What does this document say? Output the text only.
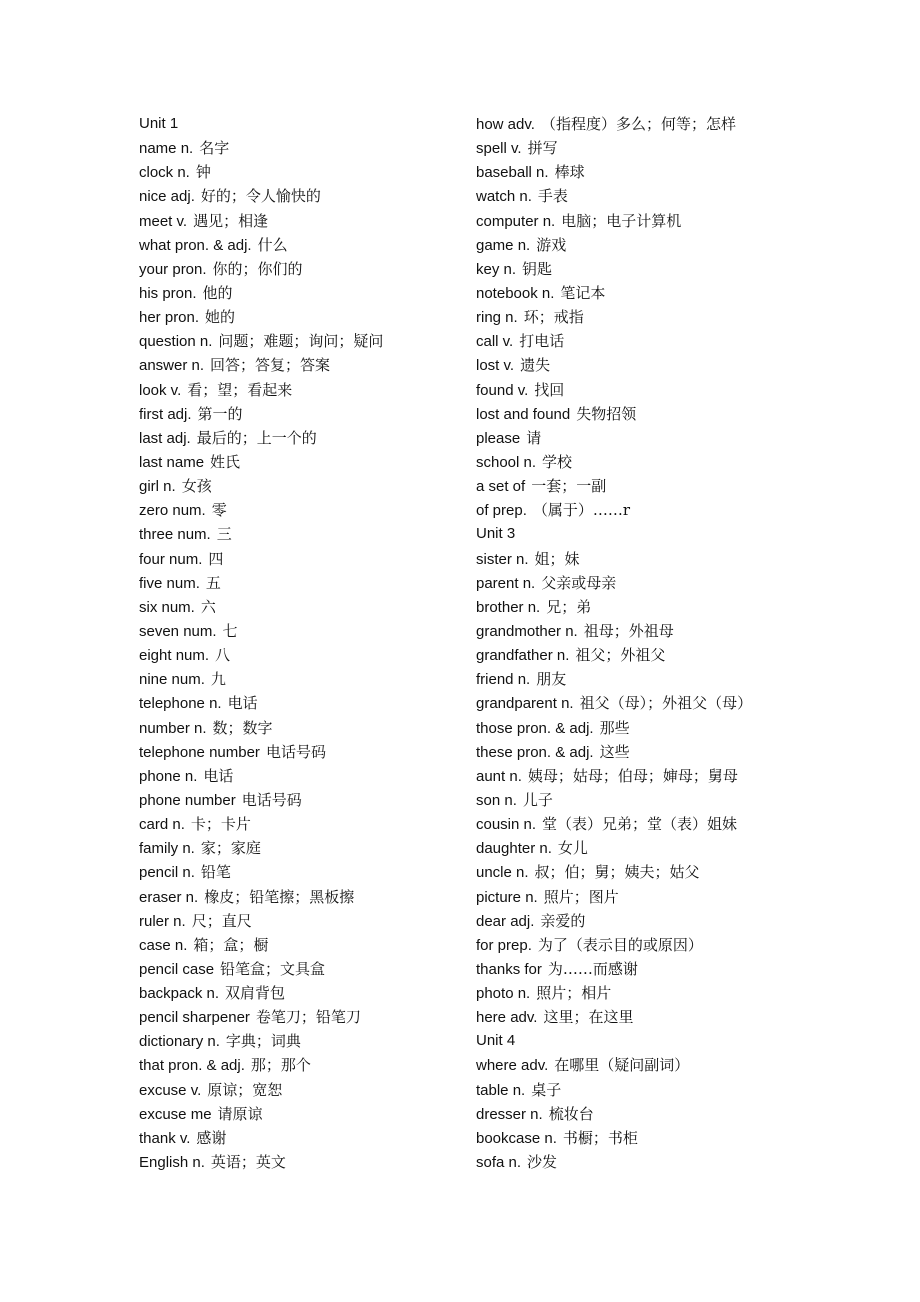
Unit 1
name n. 名字
clock n. 钟
nice adj. 好的；令人愉快的
meet v. 遇见；相逢
what pron. & adj. 什么
your pron. 你的；你们的
his pron. 他的
her pron. 她的
question n. 问题；难题；询问；疑问
answer n. 回答；答复；答案
look v. 看；望；看起来
first adj. 第一的
last adj. 最后的；上一个的
last name 姓氏
girl n. 女孩
zero num. 零
three num. 三
four num. 四
five num. 五
six num. 六
seven num. 七
eight num. 八
nine num. 九
telephone n. 电话
number n. 数；数字
telephone number 电话号码
phone n. 电话
phone number 电话号码
card n. 卡；卡片
family n. 家；家庭
pencil n. 铅笔
eraser n. 橡皮；铅笔擦；黑板擦
ruler n. 尺；直尺
case n. 箱；盒；橱
pencil case 铅笔盒；文具盒
backpack n. 双肩背包
pencil sharpener 卷笔刀；铅笔刀
dictionary n. 字典；词典
that pron. & adj. 那；那个
excuse v. 原谅；宽恕
excuse me 请原谅
thank v. 感谢
English n. 英语；英文
how adv. （指程度）多么；何等；怎样
spell v. 拼写
baseball n. 棒球
watch n. 手表
computer n. 电脑；电子计算机
game n. 游戏
key n. 钥匙
notebook n. 笔记本
ring n. 环；戒指
call v. 打电话
lost v. 遗失
found v. 找回
lost and found 失物招领
please 请
school n. 学校
a set of 一套；一副
of prep. （属于）……r
Unit 3
sister n. 姐；妹
parent n. 父亲或母亲
brother n. 兄；弟
grandmother n. 祖母；外祖母
grandfather n. 祖父；外祖父
friend n. 朋友
grandparent n. 祖父（母）；外祖父（母）
those pron. & adj. 那些
these pron. & adj. 这些
aunt n. 姨母；姑母；伯母；婶母；舅母
son n. 儿子
cousin n. 堂（表）兄弟；堂（表）姐妹
daughter n. 女儿
uncle n. 叔；伯；舅；姨夫；姑父
picture n. 照片；图片
dear adj. 亲爱的
for prep. 为了（表示目的或原因）
thanks for 为……而感谢
photo n. 照片；相片
here adv. 这里；在这里
Unit 4
where adv. 在哪里（疑问副词）
table n. 桌子
dresser n. 梳妆台
bookcase n. 书橱；书柜
sofa n. 沙发
